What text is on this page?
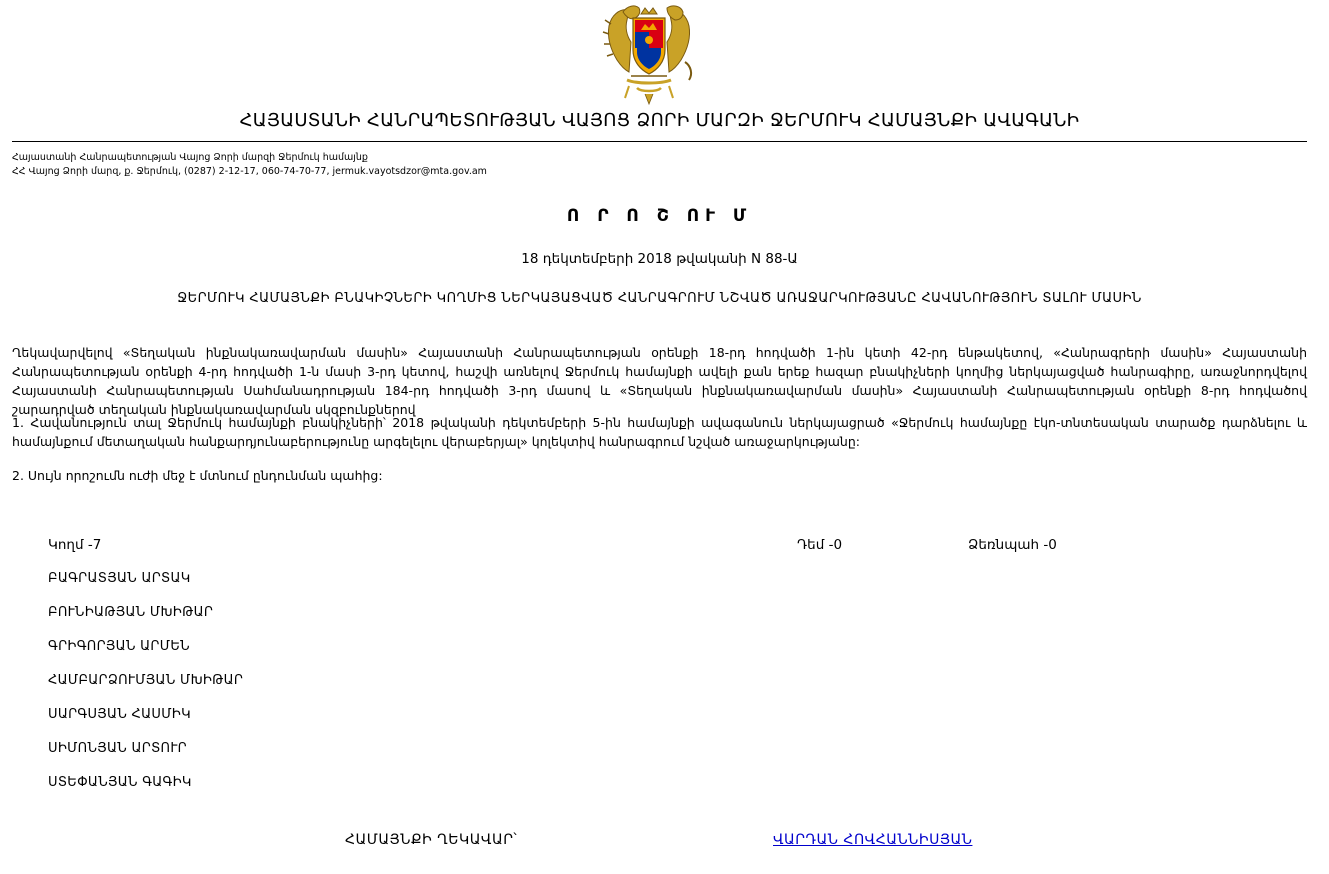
ՀԱՅԱՍՏԱՆԻ ՀԱՆՐԱՊԵՏՈՒԹՅԱՆ ՎԱՅՈՑ ՁՈՐԻ ՄԱՐԶԻ ՋԵՐՄՈՒԿ ՀԱՄԱՅՆՔԻ ԱՎԱԳԱՆԻ
Հայաստանի Հանրապետության Վայոց Ձորի մարզի Ջերմուկ համայնք
ՀՀ Վայոց Ձորի մարզ, ք. Ջերմուկ, (0287) 2-12-17, 060-74-70-77, jermuk.vayotsdzor@mta.gov.am
Ո Ր Ո Շ ՈՒ Մ
18 դեկտեմբերի 2018 թվականի N 88-Ա
ՋԵՐՄՈՒԿ ՀԱՄԱՅՆՔԻ ԲՆԱԿԻՉՆԵՐԻ ԿՈՂՄԻՑ ՆԵՐԿԱՅԱՑՎԱԾ ՀԱՆՐԱԳՐՈՒՄ ՆՇՎԱԾ ԱՌԱՋԱՐԿՈՒԹՅԱՆԸ ՀԱՎԱՆՈՒԹՅՈՒՆ ՏԱԼՈՒ ՄԱՍԻՆ
Ղեկավարվելով «Տեղական ինքնակառավարման մասին» Հայաստանի Հանրապետության օրենքի 18-րդ հոդվածի 1-ին կետի 42-րդ ենթակետով, «Հանրագրերի մասին» Հայաստանի Հանրապետության օրենքի 4-րդ հոդվածի 1-ն մասի 3-րդ կետով, հաշվի առնելով Ջերմուկ համայնքի ավելի քան երեք հազար բնակիչների կողմից ներկայացված հանրագիրը, առաջնորդվելով Հայաստանի Հանրապետության Սահմանադրության 184-րդ հոդվածի 3-րդ մասով և «Տեղական ինքնակառավարման մասին» Հայաստանի Հանրապետության օրենքի 8-րդ հոդվածով շարադրված տեղական ինքնակառավարման սկզբունքներով
1. Հավանություն տալ Ջերմուկ համայնքի բնակիչների՝ 2018 թվականի դեկտեմբերի 5-ին համայնքի ավագանուն ներկայացրած «Ջերմուկ համայնքը էկո-տնտեսական տարածք դարձնելու և համայնքում մետաղական հանքարդյունաբերությունը արգելելու վերաբերյալ» կոլեկտիվ հանրագրում նշված առաջարկությանը:
2. Սույն որոշումն ուժի մեջ է մտնում ընդունման պահից:
Կողմ -7	Դեմ -0	Ձեռնպահ -0
ԲԱԳՐԱՏՅԱՆ ԱՐՏԱԿ
ԲՈՒՆԻԱԹՅԱՆ ՄԽԻԹԱՐ
ԳՐԻԳՈՐՅԱՆ ԱՐՄԵՆ
ՀԱՄԲԱՐՁՈՒՄՅԱՆ ՄԽԻԹԱՐ
ՍԱՐԳՍՅԱՆ ՀԱՍՄԻԿ
ՍԻՄՈՆՅԱՆ ԱՐՏՈՒՐ
ՍՏԵՓԱՆՅԱՆ ԳԱԳԻԿ
ՀԱՄԱՅՆՔԻ ՂԵԿԱՎԱՐ՝	ՎԱՐԴԱՆ ՀՈՎՀԱՆՆԻՍՅԱՆ
